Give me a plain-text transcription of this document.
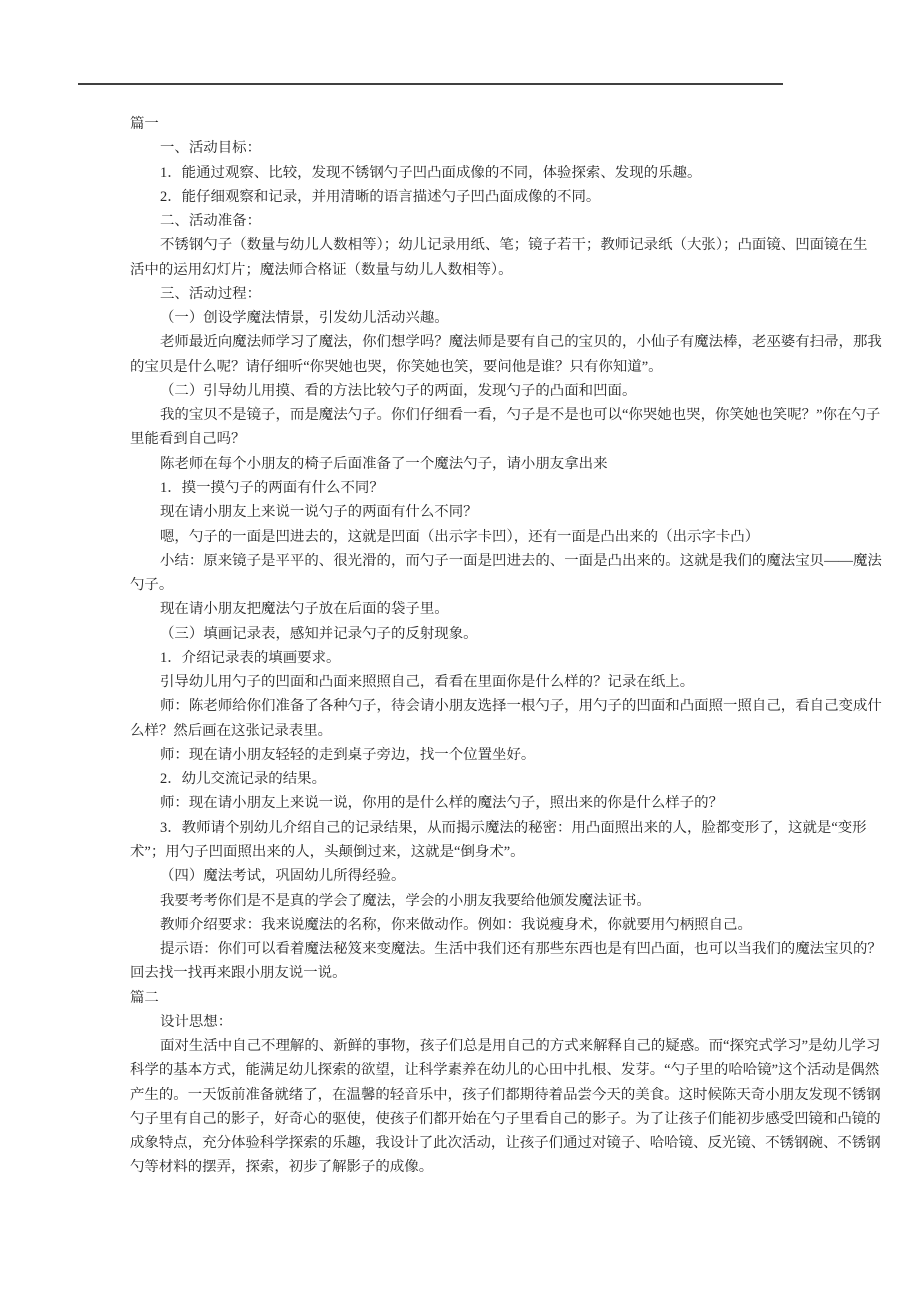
篇一
一、活动目标：
1．能通过观察、比较，发现不锈钢勺子凹凸面成像的不同，体验探索、发现的乐趣。
2．能仔细观察和记录，并用清晰的语言描述勺子凹凸面成像的不同。
二、活动准备：
不锈钢勺子（数量与幼儿人数相等）；幼儿记录用纸、笔；镜子若干；教师记录纸（大张）；凸面镜、凹面镜在生
活中的运用幻灯片；魔法师合格证（数量与幼儿人数相等）。
三、活动过程：
（一）创设学魔法情景，引发幼儿活动兴趣。
老师最近向魔法师学习了魔法，你们想学吗？魔法师是要有自己的宝贝的，小仙子有魔法棒，老巫婆有扫帚，那我
的宝贝是什么呢？请仔细听“你哭她也哭，你笑她也笑，要问他是谁？只有你知道”。
（二）引导幼儿用摸、看的方法比较勺子的两面，发现勺子的凸面和凹面。
我的宝贝不是镜子，而是魔法勺子。你们仔细看一看，勺子是不是也可以“你哭她也哭，你笑她也笑呢？”你在勺子
里能看到自己吗？
陈老师在每个小朋友的椅子后面准备了一个魔法勺子，请小朋友拿出来
1．摸一摸勺子的两面有什么不同？
现在请小朋友上来说一说勺子的两面有什么不同？
嗯，勺子的一面是凹进去的，这就是凹面（出示字卡凹），还有一面是凸出来的（出示字卡凸）
小结：原来镜子是平平的、很光滑的，而勺子一面是凹进去的、一面是凸出来的。这就是我们的魔法宝贝——魔法
勺子。
现在请小朋友把魔法勺子放在后面的袋子里。
（三）填画记录表，感知并记录勺子的反射现象。
1．介绍记录表的填画要求。
引导幼儿用勺子的凹面和凸面来照照自己，看看在里面你是什么样的？记录在纸上。
师：陈老师给你们准备了各种勺子，待会请小朋友选择一根勺子，用勺子的凹面和凸面照一照自己，看自己变成什
么样？然后画在这张记录表里。
师：现在请小朋友轻轻的走到桌子旁边，找一个位置坐好。
2．幼儿交流记录的结果。
师：现在请小朋友上来说一说，你用的是什么样的魔法勺子，照出来的你是什么样子的？
3．教师请个别幼儿介绍自己的记录结果，从而揭示魔法的秘密：用凸面照出来的人，脸都变形了，这就是“变形
术”；用勺子凹面照出来的人，头颠倒过来，这就是“倒身术”。
（四）魔法考试，巩固幼儿所得经验。
我要考考你们是不是真的学会了魔法，学会的小朋友我要给他颁发魔法证书。
教师介绍要求：我来说魔法的名称，你来做动作。例如：我说瘦身术，你就要用勺柄照自己。
提示语：你们可以看着魔法秘笈来变魔法。生活中我们还有那些东西也是有凹凸面，也可以当我们的魔法宝贝的？
回去找一找再来跟小朋友说一说。
篇二
设计思想：
面对生活中自己不理解的、新鲜的事物，孩子们总是用自己的方式来解释自己的疑惑。而“探究式学习”是幼儿学习
科学的基本方式，能满足幼儿探索的欲望，让科学素养在幼儿的心田中扎根、发芽。“勺子里的哈哈镜”这个活动是偶然
产生的。一天饭前准备就绪了，在温馨的轻音乐中，孩子们都期待着品尝今天的美食。这时候陈天奇小朋友发现不锈钢
勺子里有自己的影子，好奇心的驱使，使孩子们都开始在勺子里看自己的影子。为了让孩子们能初步感受凹镜和凸镜的
成象特点，充分体验科学探索的乐趣，我设计了此次活动，让孩子们通过对镜子、哈哈镜、反光镜、不锈钢碗、不锈钢
勺等材料的摆弄，探索，初步了解影子的成像。
